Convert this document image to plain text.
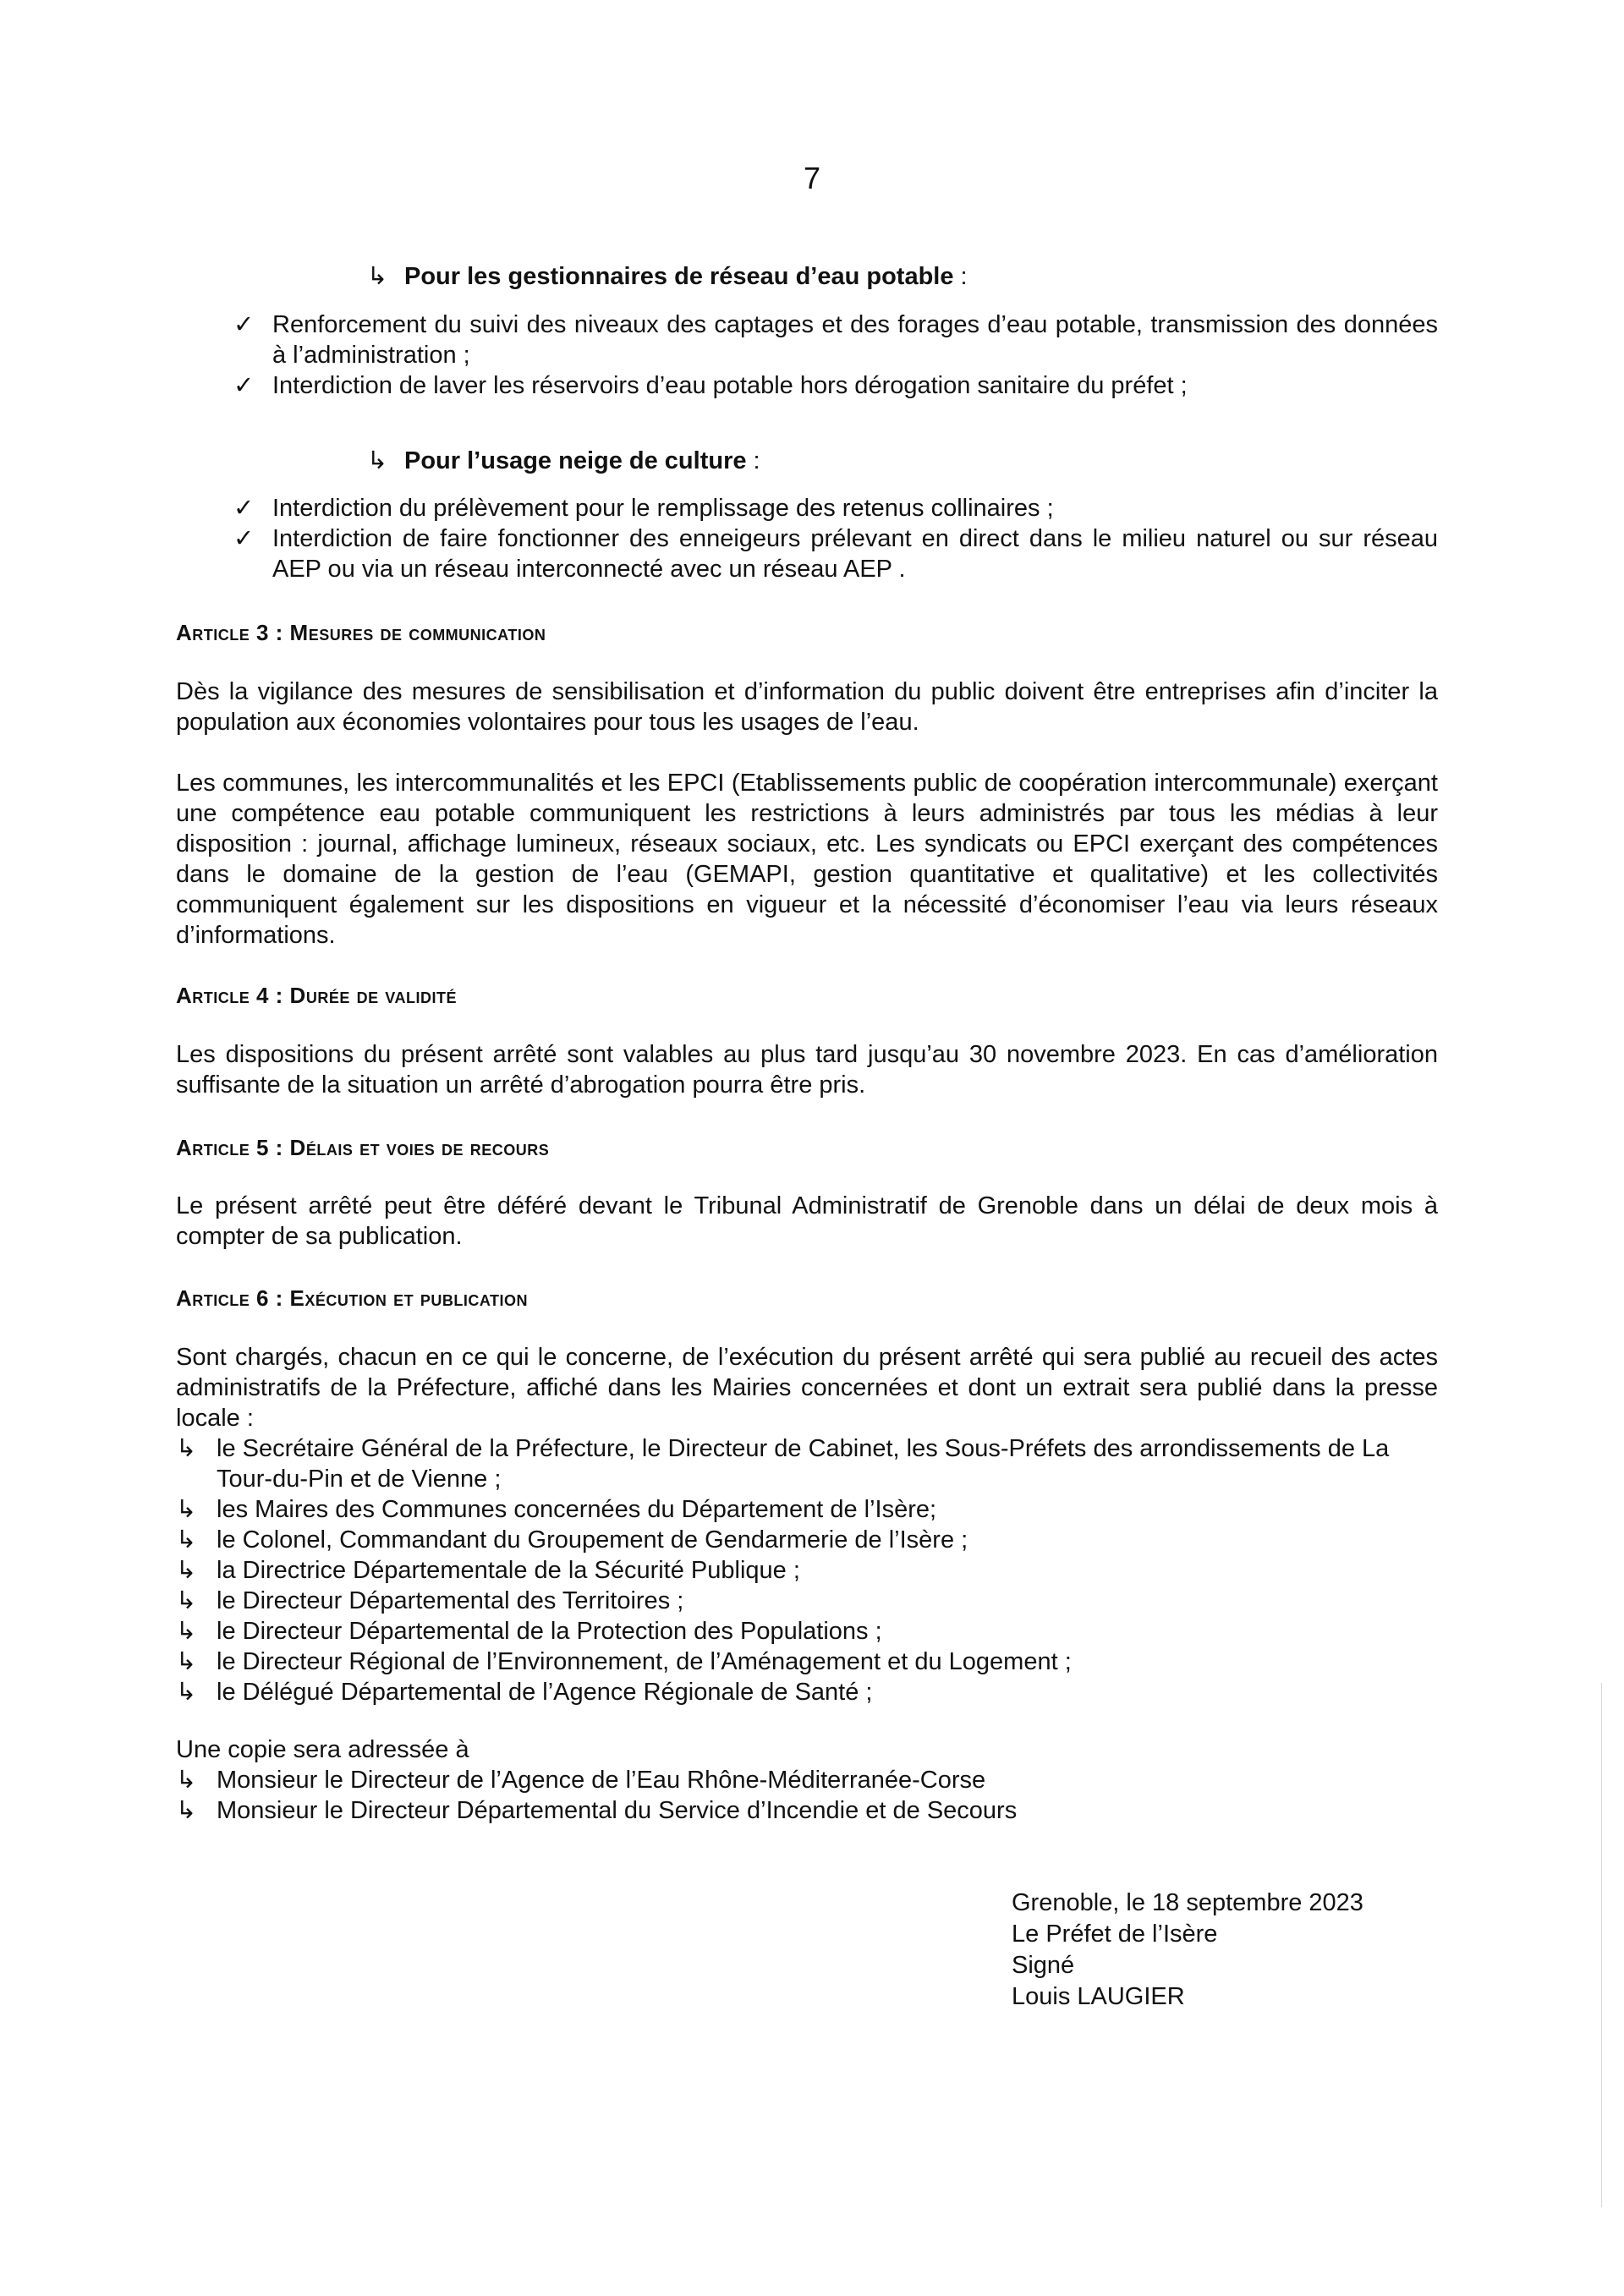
7
↳ Pour les gestionnaires de réseau d’eau potable :
✓ Renforcement du suivi des niveaux des captages et des forages d’eau potable, transmission des données à l’administration ;
✓ Interdiction de laver les réservoirs d’eau potable hors dérogation sanitaire du préfet ;
↳ Pour l’usage neige de culture :
✓ Interdiction du prélèvement pour le remplissage des retenus collinaires ;
✓ Interdiction de faire fonctionner des enneigeurs prélevant en direct dans le milieu naturel ou sur réseau AEP ou via un réseau interconnecté avec un réseau AEP .
Article 3 : Mesures de communication
Dès la vigilance des mesures de sensibilisation et d’information du public doivent être entreprises afin d’inciter la population aux économies volontaires pour tous les usages de l’eau.
Les communes, les intercommunalités et les EPCI (Etablissements public de coopération intercommunale) exerçant une compétence eau potable communiquent les restrictions à leurs administrés par tous les médias à leur disposition : journal, affichage lumineux, réseaux sociaux, etc. Les syndicats ou EPCI exerçant des compétences dans le domaine de la gestion de l’eau (GEMAPI, gestion quantitative et qualitative) et les collectivités communiquent également sur les dispositions en vigueur et la nécessité d’économiser l’eau via leurs réseaux d’informations.
Article 4 : Durée de validité
Les dispositions du présent arrêté sont valables au plus tard jusqu’au 30 novembre 2023. En cas d’amélioration suffisante de la situation un arrêté d’abrogation pourra être pris.
Article 5 : Délais et voies de recours
Le présent arrêté peut être déféré devant le Tribunal Administratif de Grenoble dans un délai de deux mois à compter de sa publication.
Article 6 : Exécution et publication
Sont chargés, chacun en ce qui le concerne, de l’exécution du présent arrêté qui sera publié au recueil des actes administratifs de la Préfecture, affiché dans les Mairies concernées et dont un extrait sera publié dans la presse locale :
↳ le Secrétaire Général de la Préfecture, le Directeur de Cabinet, les Sous-Préfets des arrondissements de La Tour-du-Pin et de Vienne ;
↳ les Maires des Communes concernées du Département de l’Isère;
↳ le Colonel, Commandant du Groupement de Gendarmerie de l’Isère ;
↳ la Directrice Départementale de la Sécurité Publique ;
↳ le Directeur Départemental des Territoires ;
↳ le Directeur Départemental de la Protection des Populations ;
↳ le Directeur Régional de l’Environnement, de l’Aménagement et du Logement ;
↳ le Délégué Départemental de l’Agence Régionale de Santé ;
Une copie sera adressée à
↳ Monsieur le Directeur de l’Agence de l’Eau Rhône-Méditerranée-Corse
↳ Monsieur le Directeur Départemental du Service d’Incendie et de Secours
Grenoble, le 18 septembre 2023
Le Préfet de l’Isère
Signé
Louis LAUGIER
